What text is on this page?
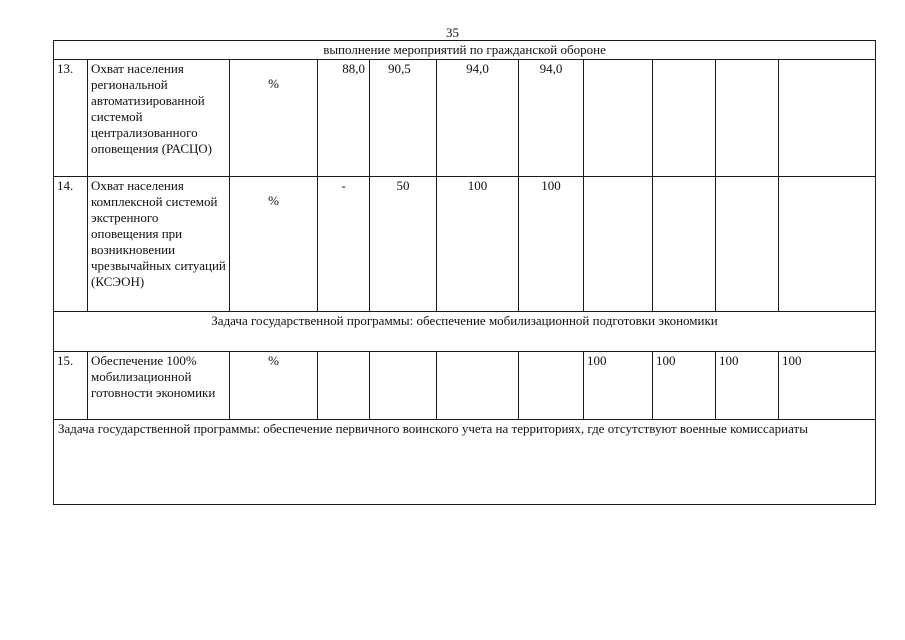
35
выполнение мероприятий по гражданской обороне										
13.	Охват населения региональной автоматизированной системой централизованного оповещения (РАСЦО)	%	88,0	90,5	94,0	94,0				
14.	Охват населения комплексной системой экстренного оповещения при возникновении чрезвычайных ситуаций (КСЭОН)	%	-	50	100	100				
Задача государственной программы: обеспечение мобилизационной подготовки экономики										
15.	Обеспечение 100% мобилизационной готовности экономики	%					100	100	100	100
Задача государственной программы: обеспечение первичного воинского учета на территориях, где отсутствуют военные комиссариаты										
